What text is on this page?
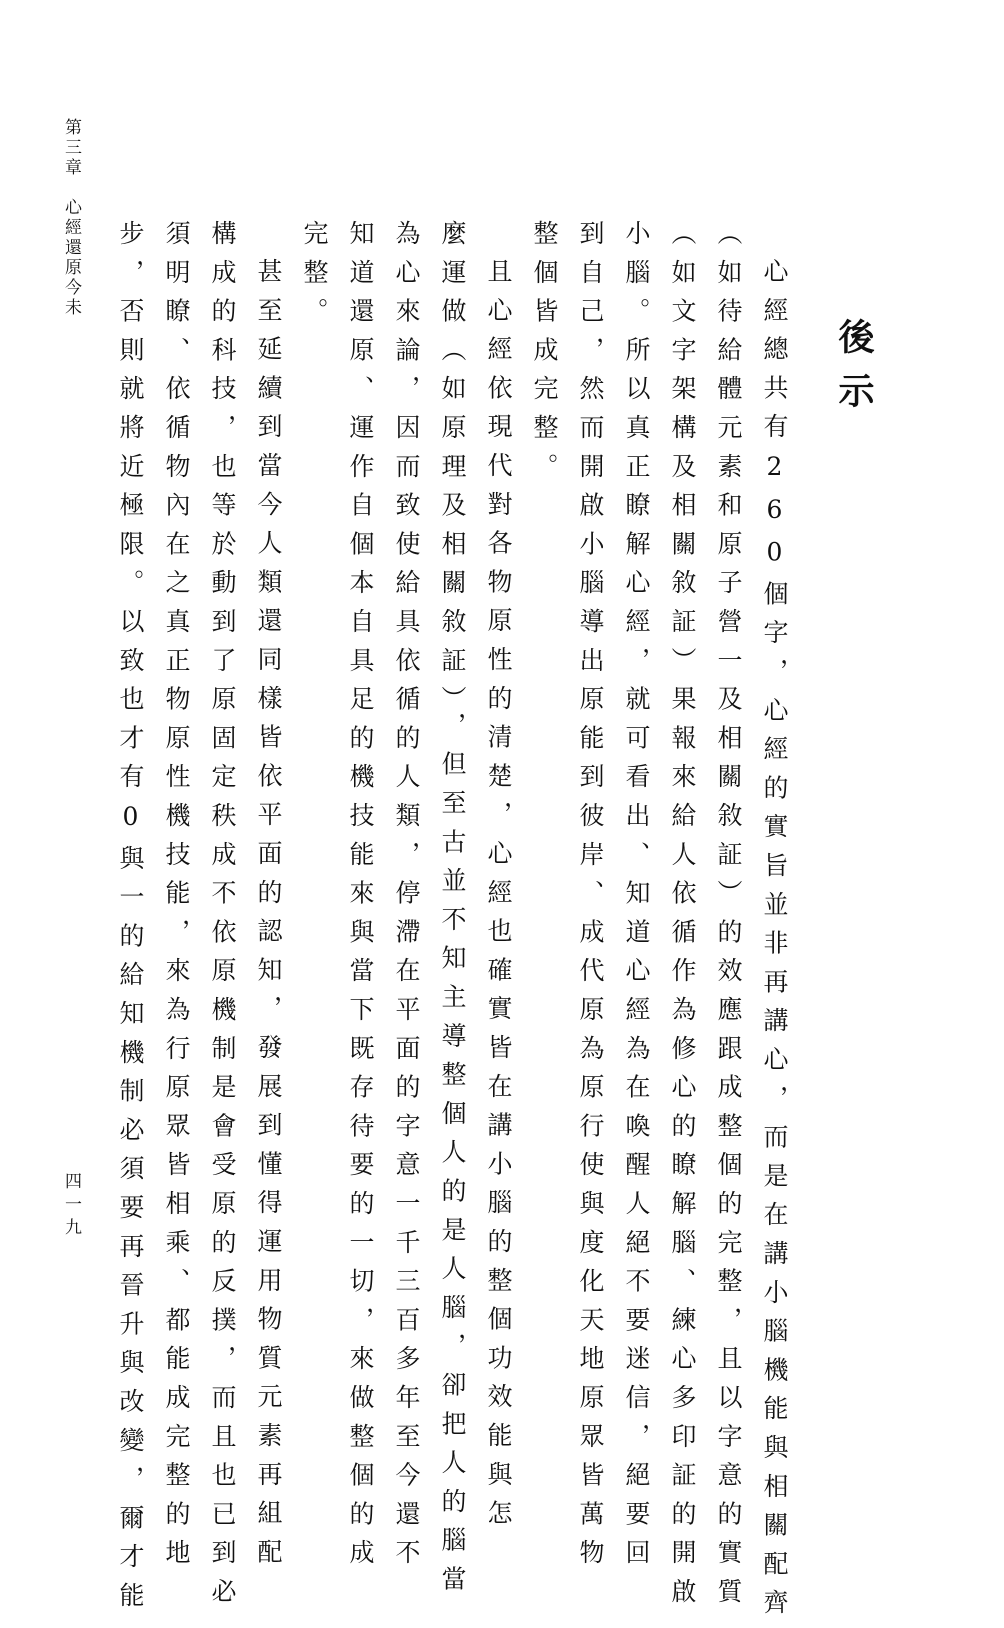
第三章　心經還原今未
後示
心經總共有260個字，心經的實旨並非再講心，而是在講小腦機能與相關配齊
（如待給體元素和原子營一及相關敘証）的效應跟成整個的完整，且以字意的實質
（如文字架構及相關敘証）果報來給人依循作為修心的瞭解腦、練心多印証的開啟
小腦。所以真正瞭解心經，就可看出、知道心經為在喚醒人絕不要迷信，絕要回
到自己，然而開啟小腦導出原能到彼岸、成代原為原行使與度化天地原眾皆萬物
整個皆成完整。
且心經依現代對各物原性的清楚，心經也確實皆在講小腦的整個功效能與怎
麼運做（如原理及相關敘証），但至古並不知主導整個人的是人腦，卻把人的腦當
為心來論，因而致使給具依循的人類，停滯在平面的字意一千三百多年至今還不
知道還原、運作自個本自具足的機技能來與當下既存待要的一切，來做整個的成
完整。
甚至延續到當今人類還同樣皆依平面的認知，發展到懂得運用物質元素再組配
構成的科技，也等於動到了原固定秩成不依原機制是會受原的反撲，而且也已到必
須明瞭、依循物內在之真正物原性機技能，來為行原眾皆相乘、都能成完整的地
步，否則就將近極限。以致也才有0與一的給知機制必須要再晉升與改變，爾才能
四一九
